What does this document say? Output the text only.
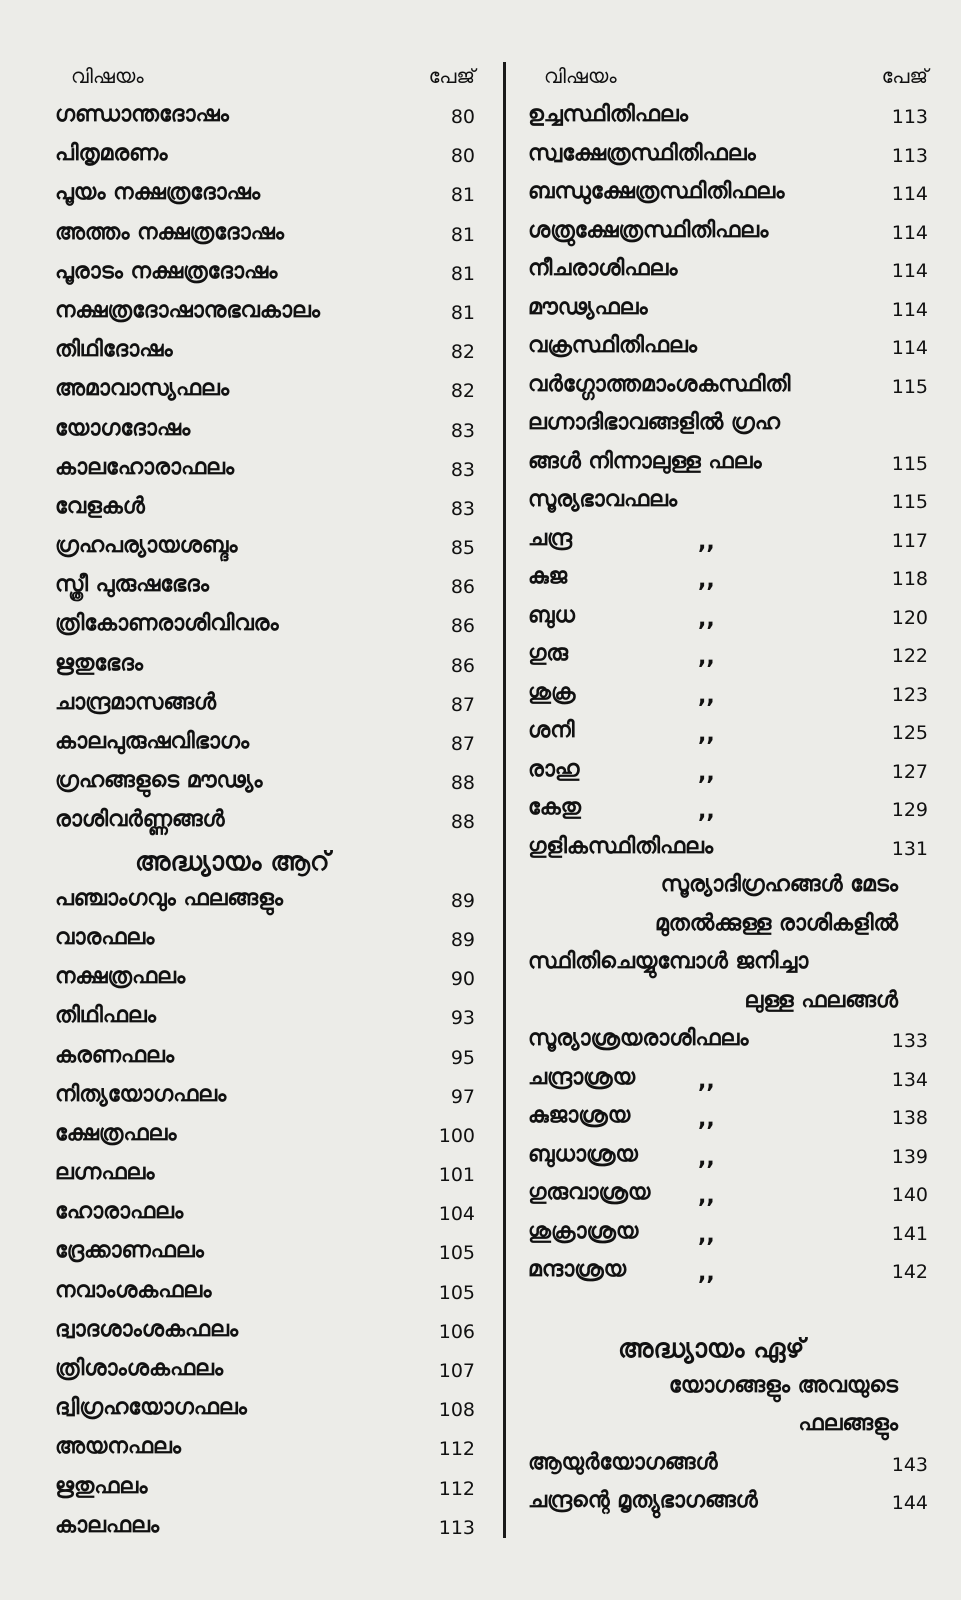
വിഷയം	പേജ്
ഗണ്ഡാന്തദോഷം	80
പിതൃമരണം	80
പൂയം നക്ഷത്രദോഷം	81
അത്തം നക്ഷത്രദോഷം	81
പൂരാടം നക്ഷത്രദോഷം	81
നക്ഷത്രദോഷാനുഭവകാലം	81
തിഥിദോഷം	82
അമാവാസ്യഫലം	82
യോഗദോഷം	83
കാലഹോരാഫലം	83
വേളകൾ	83
ഗ്രഹപര്യായശബ്ദം	85
സ്ത്രീ പുരുഷഭേദം	86
ത്രികോണരാശിവിവരം	86
ഋതുഭേദം	86
ചാന്ദ്രമാസങ്ങൾ	87
കാലപുരുഷവിഭാഗം	87
ഗ്രഹങ്ങളുടെ മൗഢ്യം	88
രാശിവർണ്ണങ്ങൾ	88
അദ്ധ്യായം ആറ്
പഞ്ചാംഗവും ഫലങ്ങളും	89
വാരഫലം	89
നക്ഷത്രഫലം	90
തിഥിഫലം	93
കരണഫലം	95
നിത്യയോഗഫലം	97
ക്ഷേത്രഫലം	100
ലഗ്നഫലം	101
ഹോരാഫലം	104
ദ്രേക്കാണഫലം	105
നവാംശകഫലം	105
ദ്വാദശാംശകഫലം	106
ത്രിശാംശകഫലം	107
ദ്വിഗ്രഹയോഗഫലം	108
അയനഫലം	112
ഋതുഫലം	112
കാലഫലം	113
വിഷയം	പേജ്
ഉച്ചസ്ഥിതിഫലം	113
സ്വക്ഷേത്രസ്ഥിതിഫലം	113
ബന്ധുക്ഷേത്രസ്ഥിതിഫലം	114
ശത്രുക്ഷേത്രസ്ഥിതിഫലം	114
നീചരാശിഫലം	114
മൗഢ്യഫലം	114
വക്രസ്ഥിതിഫലം	114
വർഗ്ഗോത്തമാംശകസ്ഥിതി	115
ലഗ്നാദിഭാവങ്ങളിൽ ഗ്രഹ
ങ്ങൾ നിന്നാലുള്ള ഫലം	115
സൂര്യഭാവഫലം	115
ചന്ദ്ര	,,	117
കുജ	,,	118
ബുധ	,,	120
ഗുരു	,,	122
ശുക്ര	,,	123
ശനി	,,	125
രാഹു	,,	127
കേതു	,,	129
ഗുളികസ്ഥിതിഫലം	131
സൂര്യാദിഗ്രഹങ്ങൾ മേടം
മുതൽക്കുള്ള രാശികളിൽ
സ്ഥിതിചെയ്യുമ്പോൾ ജനിച്ചാ
ലുള്ള ഫലങ്ങൾ
സൂര്യാശ്രയരാശിഫലം	133
ചന്ദ്രാശ്രയ	,,	134
കുജാശ്രയ	,,	138
ബുധാശ്രയ	,,	139
ഗുരുവാശ്രയ ,,	140
ശുക്രാശ്രയ	,,	141
മന്ദാശ്രയ	,,	142
അദ്ധ്യായം ഏഴ്
യോഗങ്ങളും അവയുടെ
ഫലങ്ങളും
ആയുർയോഗങ്ങൾ	143
ചന്ദ്രന്റെ മൃത്യുഭാഗങ്ങൾ	144
